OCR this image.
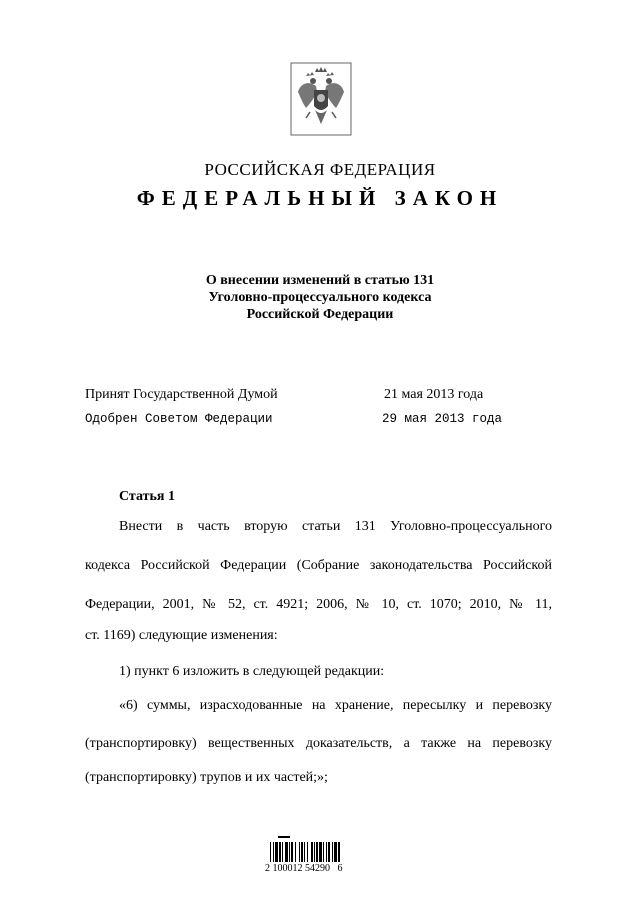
РОССИЙСКАЯ ФЕДЕРАЦИЯ
ФЕДЕРАЛЬНЫЙ ЗАКОН
О внесении изменений в статью 131
Уголовно-процессуального кодекса
Российской Федерации
Принят Государственной Думой	21 мая 2013 года
Одобрен Советом Федерации	29 мая 2013 года
Статья 1
Внести в часть вторую статьи 131 Уголовно-процессуального
кодекса Российской Федерации (Собрание законодательства Российской
Федерации, 2001, № 52, ст. 4921; 2006, № 10, ст. 1070; 2010, № 11,
ст. 1169) следующие изменения:
1) пункт 6 изложить в следующей редакции:
«6) суммы, израсходованные на хранение, пересылку и перевозку
(транспортировку) вещественных доказательств, а также на перевозку
(транспортировку) трупов и их частей;»;
2 100012 54290   6
